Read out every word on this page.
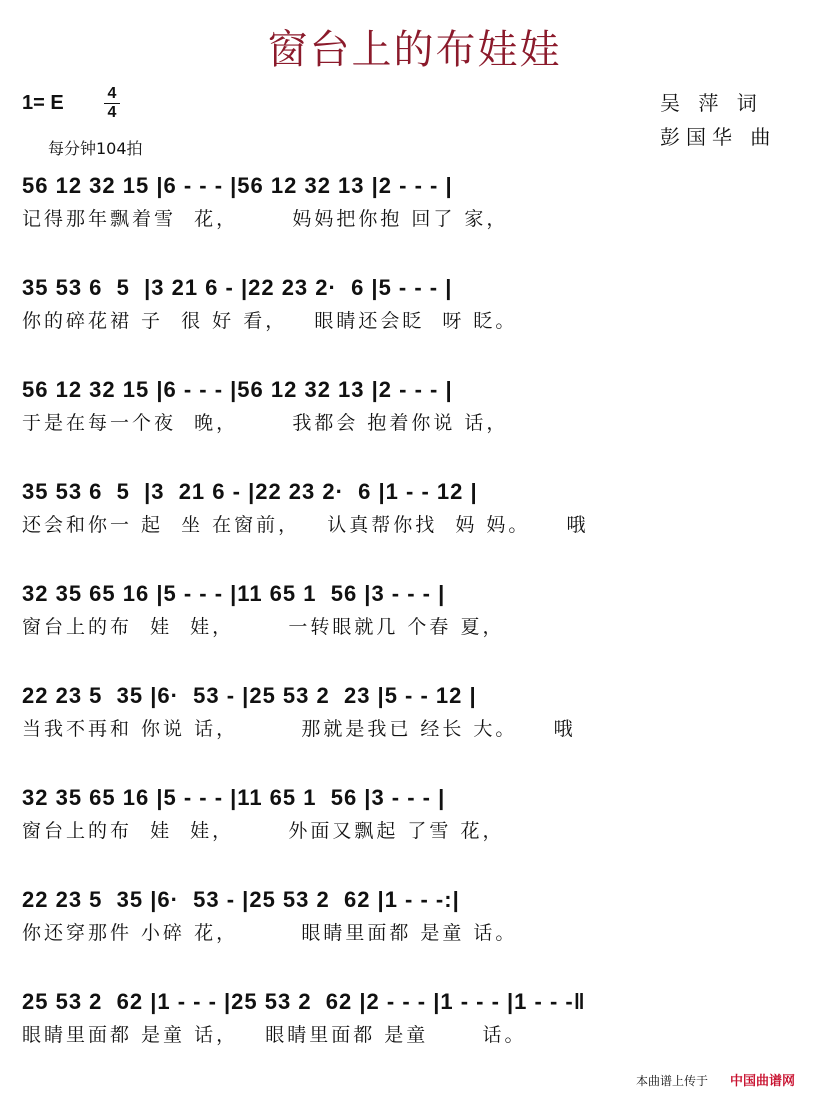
窗台上的布娃娃
1= E	4
4
每分钟104拍
吴 萍 词
彭国华 曲
56 12 32 15 |6 - - - |56 12 32 13 |2 - - - |
记得那年飘着雪  花，      妈妈把你抱 回了 家，
35 53 6  5  |3 21 6 - |22 23 2·  6 |5 - - - |
你的碎花裙 子  很 好 看，   眼睛还会眨  呀 眨。
56 12 32 15 |6 - - - |56 12 32 13 |2 - - - |
于是在每一个夜  晚，      我都会 抱着你说 话，
35 53 6  5  |3  21 6 - |22 23 2·  6 |1 - - 12 |
还会和你一 起  坐 在窗前，   认真帮你找  妈 妈。    哦
32 35 65 16 |5 - - - |11 65 1  56 |3 - - - |
窗台上的布  娃  娃，      一转眼就几 个春 夏，
22 23 5  35 |6·  53 - |25 53 2  23 |5 - - 12 |
当我不再和 你说 话，       那就是我已 经长 大。    哦
32 35 65 16 |5 - - - |11 65 1  56 |3 - - - |
窗台上的布  娃  娃，      外面又飘起 了雪 花，
22 23 5  35 |6·  53 - |25 53 2  62 |1 - - -:|
你还穿那件 小碎 花，       眼睛里面都 是童 话。
25 53 2  62 |1 - - - |25 53 2  62 |2 - - - |1 - - - |1 - - -‖
眼睛里面都 是童 话，   眼睛里面都 是童      话。
本曲谱上传于 中国曲谱网
